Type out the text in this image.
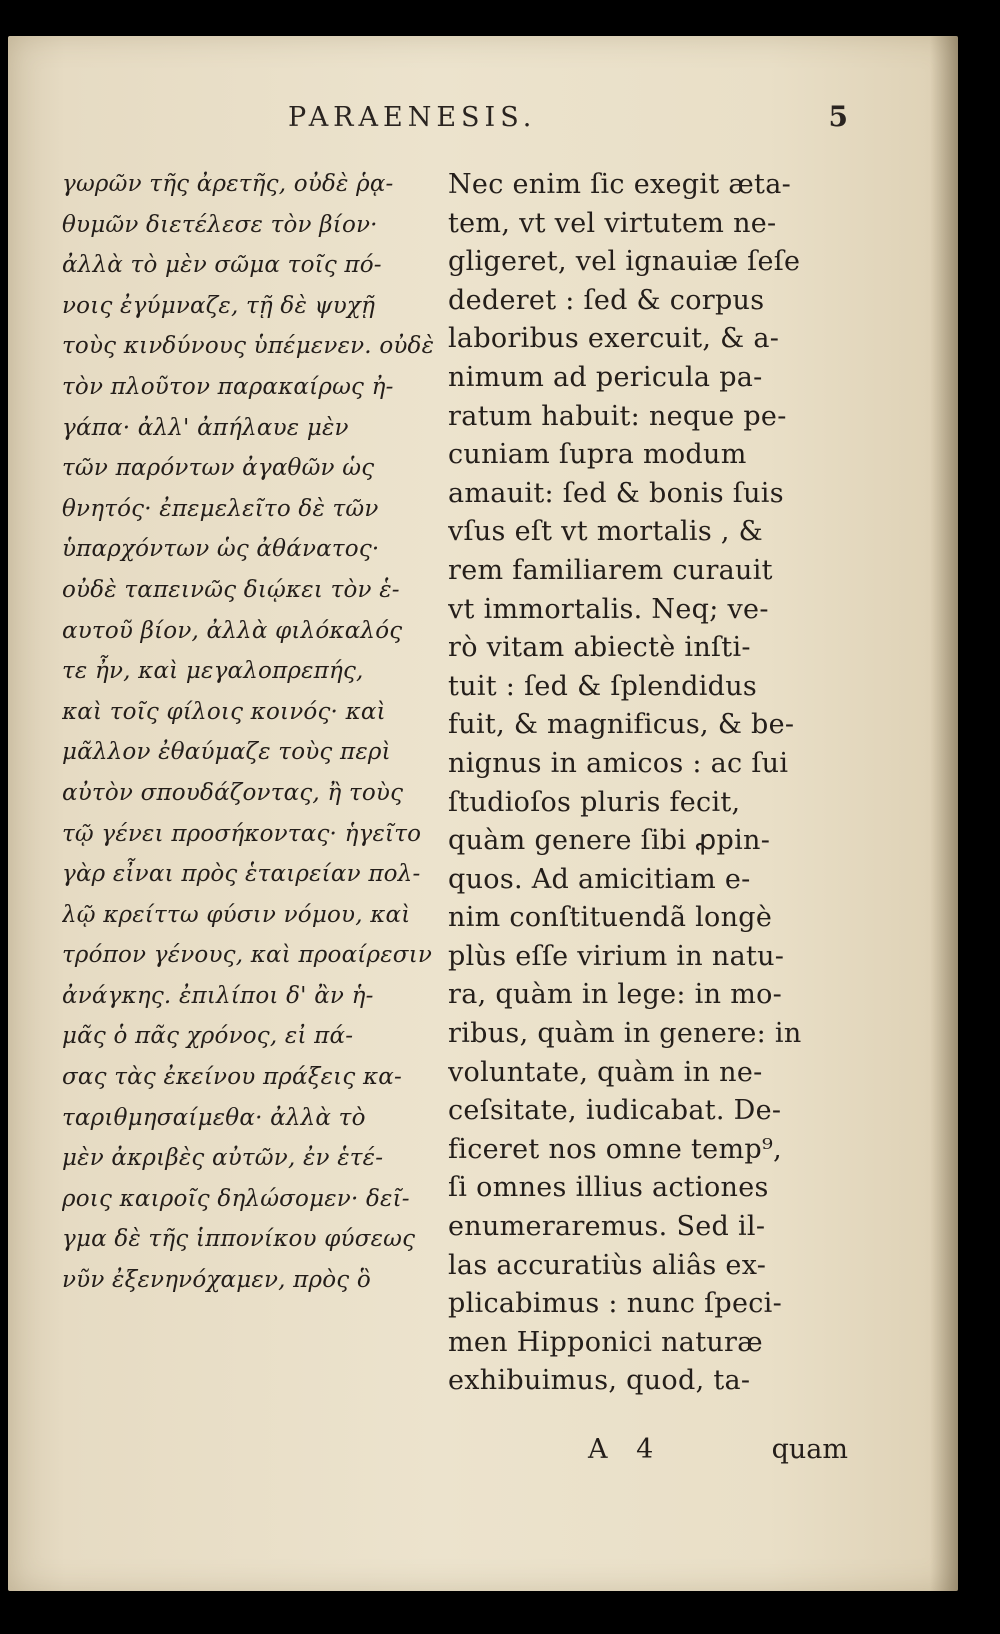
PARAENESIS.	5
γωρῶν τῆς ἀρετῆς, οὐδὲ ῥᾳ-
θυμῶν διετέλεσε τὸν βίον·
ἀλλὰ τὸ μὲν σῶμα τοῖς πό-
νοις ἐγύμναζε, τῇ δὲ ψυχῇ
τοὺς κινδύνους ὑπέμενεν. οὐδὲ
τὸν πλοῦτον παρακαίρως ἠ-
γάπα· ἀλλ' ἀπήλαυε μὲν
τῶν παρόντων ἀγαθῶν ὡς
θνητός· ἐπεμελεῖτο δὲ τῶν
ὑπαρχόντων ὡς ἀθάνατος·
οὐδὲ ταπεινῶς διῴκει τὸν ἑ-
αυτοῦ βίον, ἀλλὰ φιλόκαλός
τε ἦν, καὶ μεγαλοπρεπής,
καὶ τοῖς φίλοις κοινός· καὶ
μᾶλλον ἐθαύμαζε τοὺς περὶ
αὐτὸν σπουδάζοντας, ἢ τοὺς
τῷ γένει προσήκοντας· ἡγεῖτο
γὰρ εἶναι πρὸς ἑταιρείαν πολ-
λῷ κρείττω φύσιν νόμου, καὶ
τρόπον γένους, καὶ προαίρεσιν
ἀνάγκης. ἐπιλίποι δ' ἂν ἡ-
μᾶς ὁ πᾶς χρόνος, εἰ πά-
σας τὰς ἐκείνου πράξεις κα-
ταριθμησαίμεθα· ἀλλὰ τὸ
μὲν ἀκριβὲς αὐτῶν, ἐν ἑτέ-
ροις καιροῖς δηλώσομεν· δεῖ-
γμα δὲ τῆς ἱππονίκου φύσεως
νῦν ἐξενηνόχαμεν, πρὸς ὃ
Nec enim ſic exegit æta-
tem, vt vel virtutem ne-
gligeret, vel ignauiæ ſeſe
dederet : ſed & corpus
laboribus exercuit, & a-
nimum ad pericula pa-
ratum habuit: neque pe-
cuniam ſupra modum
amauit: ſed & bonis ſuis
vſus eſt vt mortalis , &
rem familiarem curauit
vt immortalis. Neq; ve-
rò vitam abiectè inſti-
tuit : ſed & ſplendidus
fuit, & magnificus, & be-
nignus in amicos : ac ſui
ſtudioſos pluris fecit,
quàm genere ſibi ꝓpin-
quos. Ad amicitiam e-
nim conſtituendã longè
plùs eſſe virium in natu-
ra, quàm in lege: in mo-
ribus, quàm in genere: in
voluntate, quàm in ne-
ceſsitate, iudicabat. De-
ficeret nos omne temp⁹,
ſi omnes illius actiones
enumeraremus. Sed il-
las accuratiùs aliâs ex-
plicabimus : nunc ſpeci-
men Hipponici naturæ
exhibuimus, quod, ta-
A 4	quam
